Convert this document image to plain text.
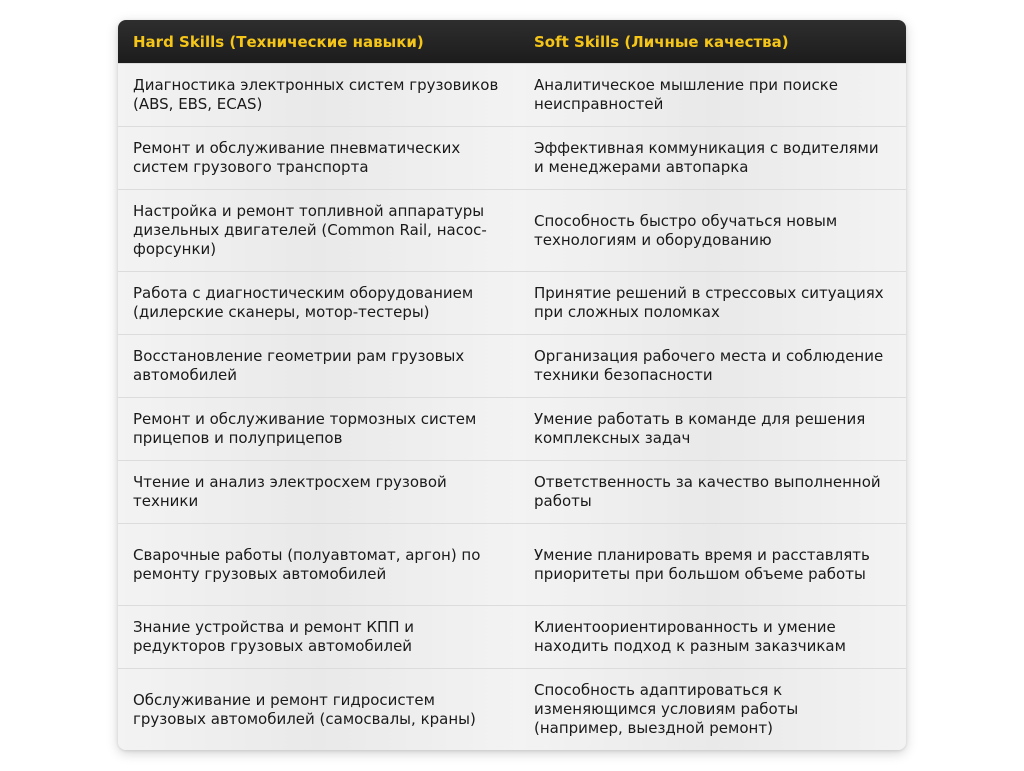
Hard Skills (Технические навыки)	Soft Skills (Личные качества)
Диагностика электронных систем грузовиков (ABS, EBS, ECAS)	Аналитическое мышление при поиске неисправностей
Ремонт и обслуживание пневматических систем грузового транспорта	Эффективная коммуникация с водителями и менеджерами автопарка
Настройка и ремонт топливной аппаратуры дизельных двигателей (Common Rail, насос-форсунки)	Способность быстро обучаться новым технологиям и оборудованию
Работа с диагностическим оборудованием (дилерские сканеры, мотор-тестеры)	Принятие решений в стрессовых ситуациях при сложных поломках
Восстановление геометрии рам грузовых автомобилей	Организация рабочего места и соблюдение техники безопасности
Ремонт и обслуживание тормозных систем прицепов и полуприцепов	Умение работать в команде для решения комплексных задач
Чтение и анализ электросхем грузовой техники	Ответственность за качество выполненной работы
Сварочные работы (полуавтомат, аргон) по ремонту грузовых автомобилей	Умение планировать время и расставлять приоритеты при большом объеме работы
Знание устройства и ремонт КПП и редукторов грузовых автомобилей	Клиентоориентированность и умение находить подход к разным заказчикам
Обслуживание и ремонт гидросистем грузовых автомобилей (самосвалы, краны)	Способность адаптироваться к изменяющимся условиям работы (например, выездной ремонт)
